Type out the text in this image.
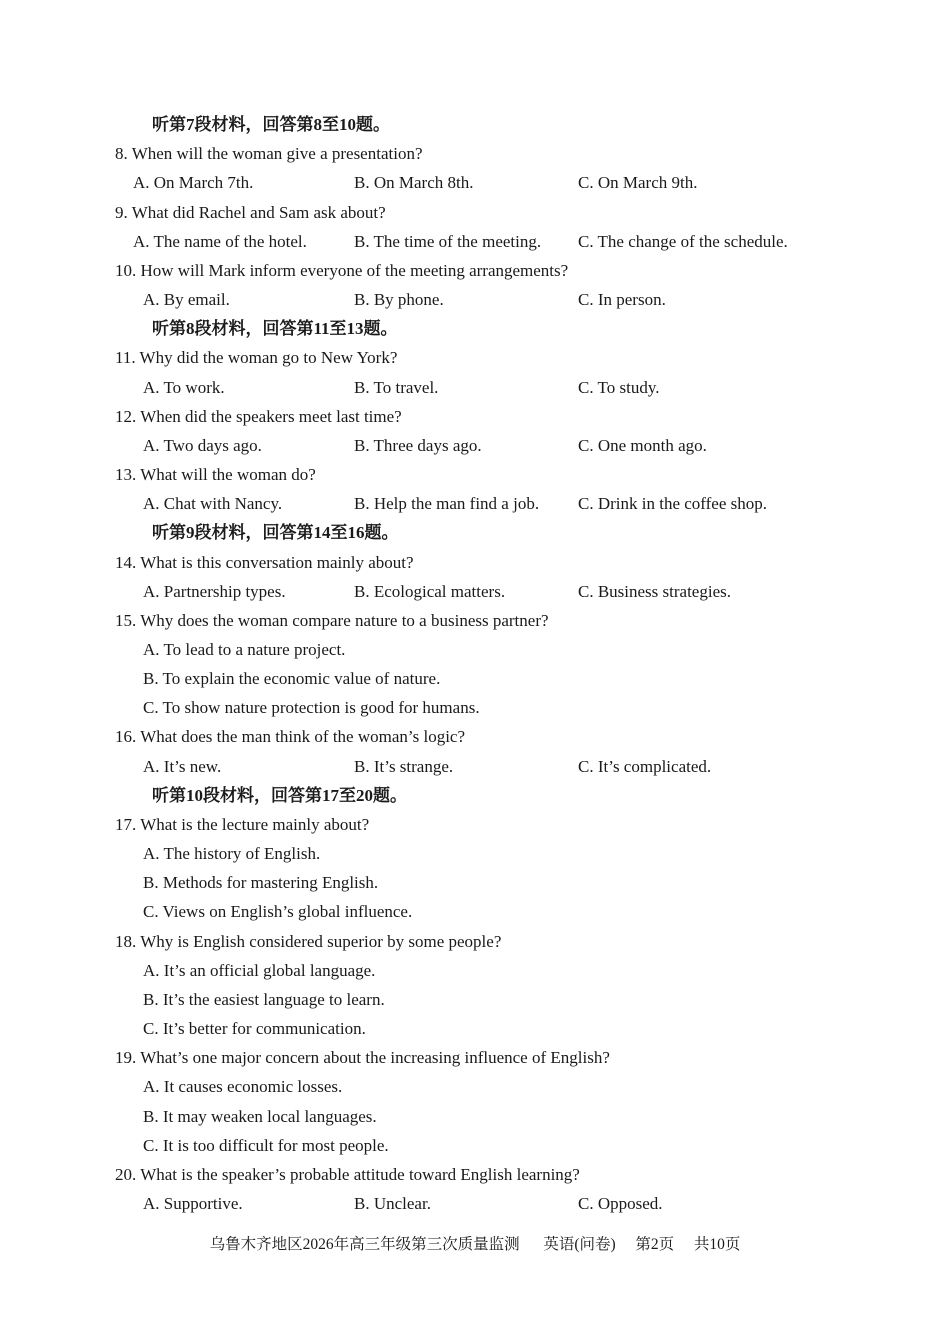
听第7段材料，回答第8至10题。
8. When will the woman give a presentation?
A. On March 7th.	B. On March 8th.	C. On March 9th.
9. What did Rachel and Sam ask about?
A. The name of the hotel.	B. The time of the meeting. C. The change of the schedule.
10. How will Mark inform everyone of the meeting arrangements?
A. By email.	B. By phone.	C. In person.
听第8段材料，回答第11至13题。
11. Why did the woman go to New York?
A. To work.	B. To travel.	C. To study.
12. When did the speakers meet last time?
A. Two days ago.	B. Three days ago.	C. One month ago.
13. What will the woman do?
A. Chat with Nancy.	B. Help the man find a job. C. Drink in the coffee shop.
听第9段材料，回答第14至16题。
14. What is this conversation mainly about?
A. Partnership types.	B. Ecological matters.	C. Business strategies.
15. Why does the woman compare nature to a business partner?
A. To lead to a nature project.
B. To explain the economic value of nature.
C. To show nature protection is good for humans.
16. What does the man think of the woman’s logic?
A. It’s new.	B. It’s strange.	C. It’s complicated.
听第10段材料，回答第17至20题。
17. What is the lecture mainly about?
A. The history of English.
B. Methods for mastering English.
C. Views on English’s global influence.
18. Why is English considered superior by some people?
A. It’s an official global language.
B. It’s the easiest language to learn.
C. It’s better for communication.
19. What’s one major concern about the increasing influence of English?
A. It causes economic losses.
B. It may weaken local languages.
C. It is too difficult for most people.
20. What is the speaker’s probable attitude toward English learning?
A. Supportive.	B. Unclear.	C. Opposed.
乌鲁木齐地区2026年高三年级第三次质量监测 英语(问卷) 第2页 共10页
